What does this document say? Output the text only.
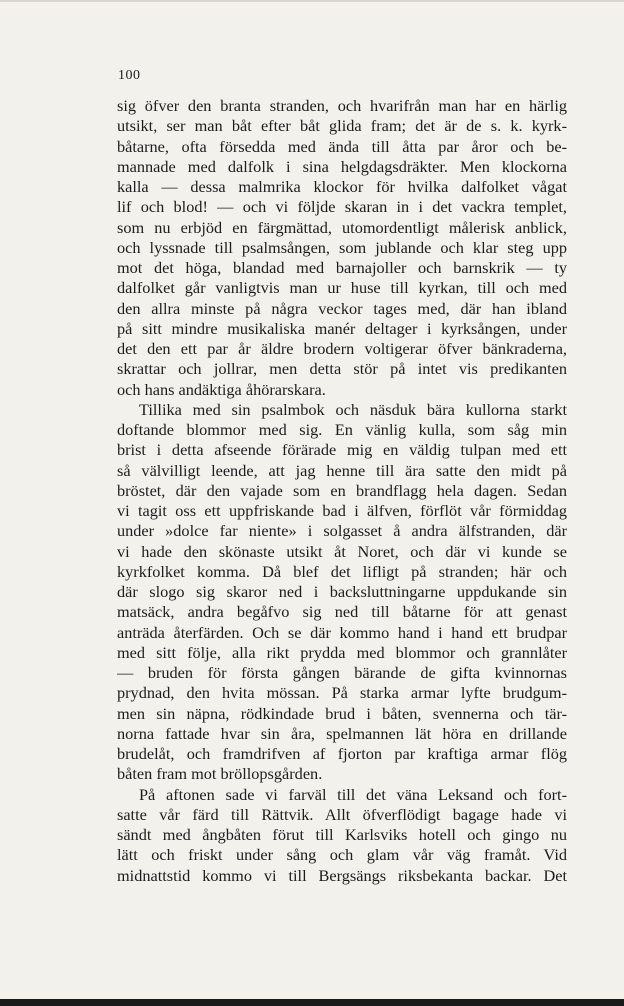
100
sig öfver den branta stranden, och hvarifrån man har en härlig
utsikt, ser man båt efter båt glida fram; det är de s. k. kyrk-
båtarne, ofta försedda med ända till åtta par åror och be-
mannade med dalfolk i sina helgdagsdräkter. Men klockorna
kalla — dessa malmrika klockor för hvilka dalfolket vågat
lif och blod! — och vi följde skaran in i det vackra templet,
som nu erbjöd en färgmättad, utomordentligt målerisk anblick,
och lyssnade till psalmsången, som jublande och klar steg upp
mot det höga, blandad med barnajoller och barnskrik — ty
dalfolket går vanligtvis man ur huse till kyrkan, till och med
den allra minste på några veckor tages med, där han ibland
på sitt mindre musikaliska manér deltager i kyrksången, under
det den ett par år äldre brodern voltigerar öfver bänkraderna,
skrattar och jollrar, men detta stör på intet vis predikanten
och hans andäktiga åhörarskara.
Tillika med sin psalmbok och näsduk bära kullorna starkt
doftande blommor med sig. En vänlig kulla, som såg min
brist i detta afseende förärade mig en väldig tulpan med ett
så välvilligt leende, att jag henne till ära satte den midt på
bröstet, där den vajade som en brandflagg hela dagen. Sedan
vi tagit oss ett uppfriskande bad i älfven, förflöt vår förmiddag
under »dolce far niente» i solgasset å andra älfstranden, där
vi hade den skönaste utsikt åt Noret, och där vi kunde se
kyrkfolket komma. Då blef det lifligt på stranden; här och
där slogo sig skaror ned i backsluttningarne uppdukande sin
matsäck, andra begåfvo sig ned till båtarne för att genast
anträda återfärden. Och se där kommo hand i hand ett brudpar
med sitt följe, alla rikt prydda med blommor och grannlåter
— bruden för första gången bärande de gifta kvinnornas
prydnad, den hvita mössan. På starka armar lyfte brudgum-
men sin näpna, rödkindade brud i båten, svennerna och tär-
norna fattade hvar sin åra, spelmannen lät höra en drillande
brudelåt, och framdrifven af fjorton par kraftiga armar flög
båten fram mot bröllopsgården.
På aftonen sade vi farväl till det väna Leksand och fort-
satte vår färd till Rättvik. Allt öfverflödigt bagage hade vi
sändt med ångbåten förut till Karlsviks hotell och gingo nu
lätt och friskt under sång och glam vår väg framåt. Vid
midnattstid kommo vi till Bergsängs riksbekanta backar. Det
